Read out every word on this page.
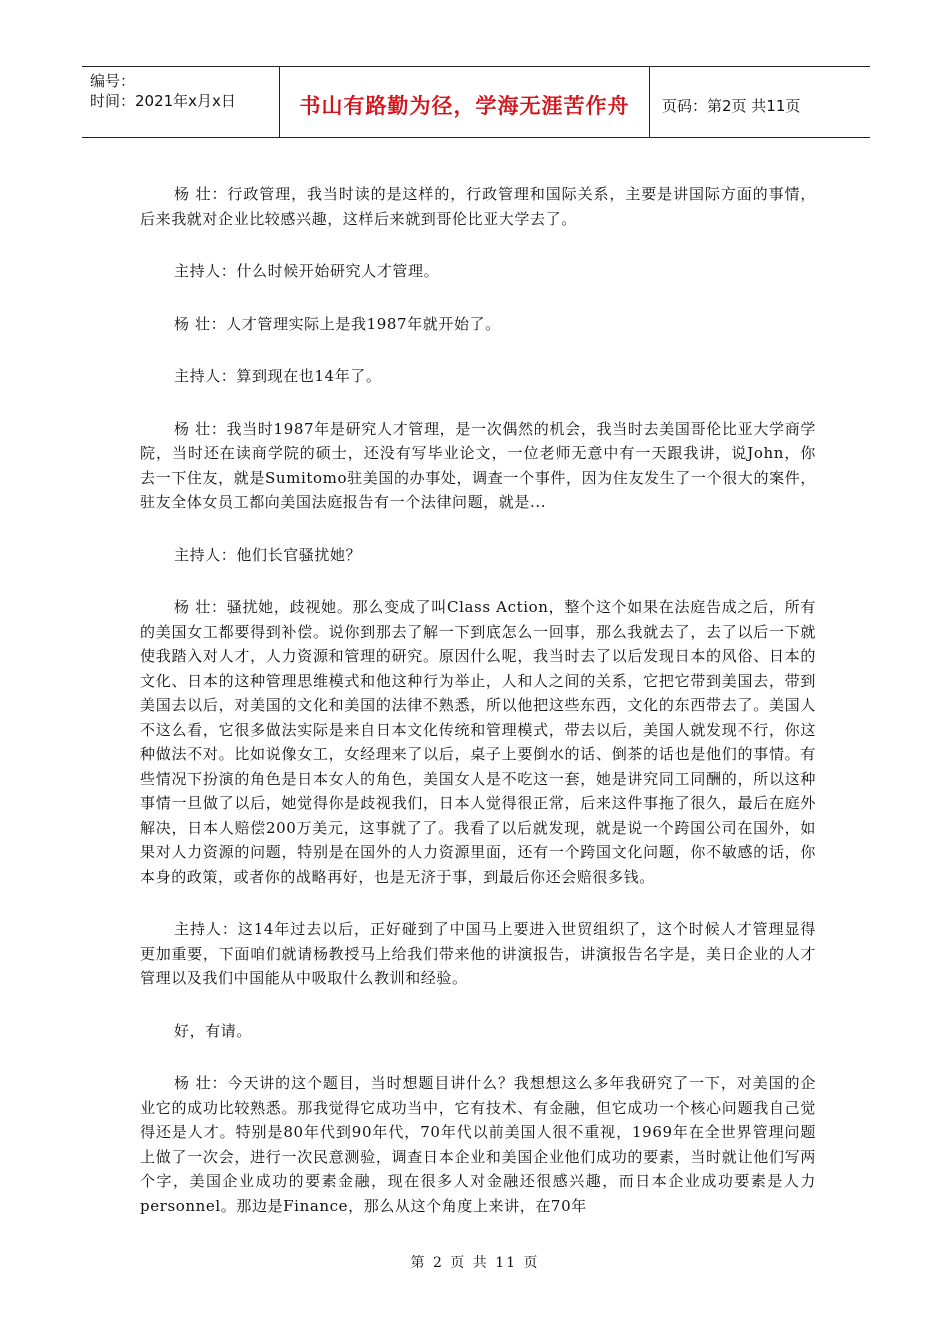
编号：
时间：2021年x月x日	书山有路勤为径，学海无涯苦作舟	页码：第2页 共11页

杨 壮：行政管理，我当时读的是这样的，行政管理和国际关系，主要是讲国际方面的事情，后来我就对企业比较感兴趣，这样后来就到哥伦比亚大学去了。

主持人：什么时候开始研究人才管理。

杨 壮：人才管理实际上是我1987年就开始了。

主持人：算到现在也14年了。

杨 壮：我当时1987年是研究人才管理，是一次偶然的机会，我当时去美国哥伦比亚大学商学院，当时还在读商学院的硕士，还没有写毕业论文，一位老师无意中有一天跟我讲，说John，你去一下住友，就是Sumitomo驻美国的办事处，调查一个事件，因为住友发生了一个很大的案件，驻友全体女员工都向美国法庭报告有一个法律问题，就是...

主持人：他们长官骚扰她？

杨 壮：骚扰她，歧视她。那么变成了叫Class Action，整个这个如果在法庭告成之后，所有的美国女工都要得到补偿。说你到那去了解一下到底怎么一回事，那么我就去了，去了以后一下就使我踏入对人才，人力资源和管理的研究。原因什么呢，我当时去了以后发现日本的风俗、日本的文化、日本的这种管理思维模式和他这种行为举止，人和人之间的关系，它把它带到美国去，带到美国去以后，对美国的文化和美国的法律不熟悉，所以他把这些东西，文化的东西带去了。美国人不这么看，它很多做法实际是来自日本文化传统和管理模式，带去以后，美国人就发现不行，你这种做法不对。比如说像女工，女经理来了以后，桌子上要倒水的话、倒茶的话也是他们的事情。有些情况下扮演的角色是日本女人的角色，美国女人是不吃这一套，她是讲究同工同酬的，所以这种事情一旦做了以后，她觉得你是歧视我们，日本人觉得很正常，后来这件事拖了很久，最后在庭外解决，日本人赔偿200万美元，这事就了了。我看了以后就发现，就是说一个跨国公司在国外，如果对人力资源的问题，特别是在国外的人力资源里面，还有一个跨国文化问题，你不敏感的话，你本身的政策，或者你的战略再好，也是无济于事，到最后你还会赔很多钱。

主持人：这14年过去以后，正好碰到了中国马上要进入世贸组织了，这个时候人才管理显得更加重要，下面咱们就请杨教授马上给我们带来他的讲演报告，讲演报告名字是，美日企业的人才管理以及我们中国能从中吸取什么教训和经验。

好，有请。

杨 壮：今天讲的这个题目，当时想题目讲什么？我想想这么多年我研究了一下，对美国的企业它的成功比较熟悉。那我觉得它成功当中，它有技术、有金融，但它成功一个核心问题我自己觉得还是人才。特别是80年代到90年代，70年代以前美国人很不重视，1969年在全世界管理问题上做了一次会，进行一次民意测验，调查日本企业和美国企业他们成功的要素，当时就让他们写两个字，美国企业成功的要素金融，现在很多人对金融还很感兴趣，而日本企业成功要素是人力personnel。那边是Finance，那么从这个角度上来讲，在70年

第 2 页 共 11 页
